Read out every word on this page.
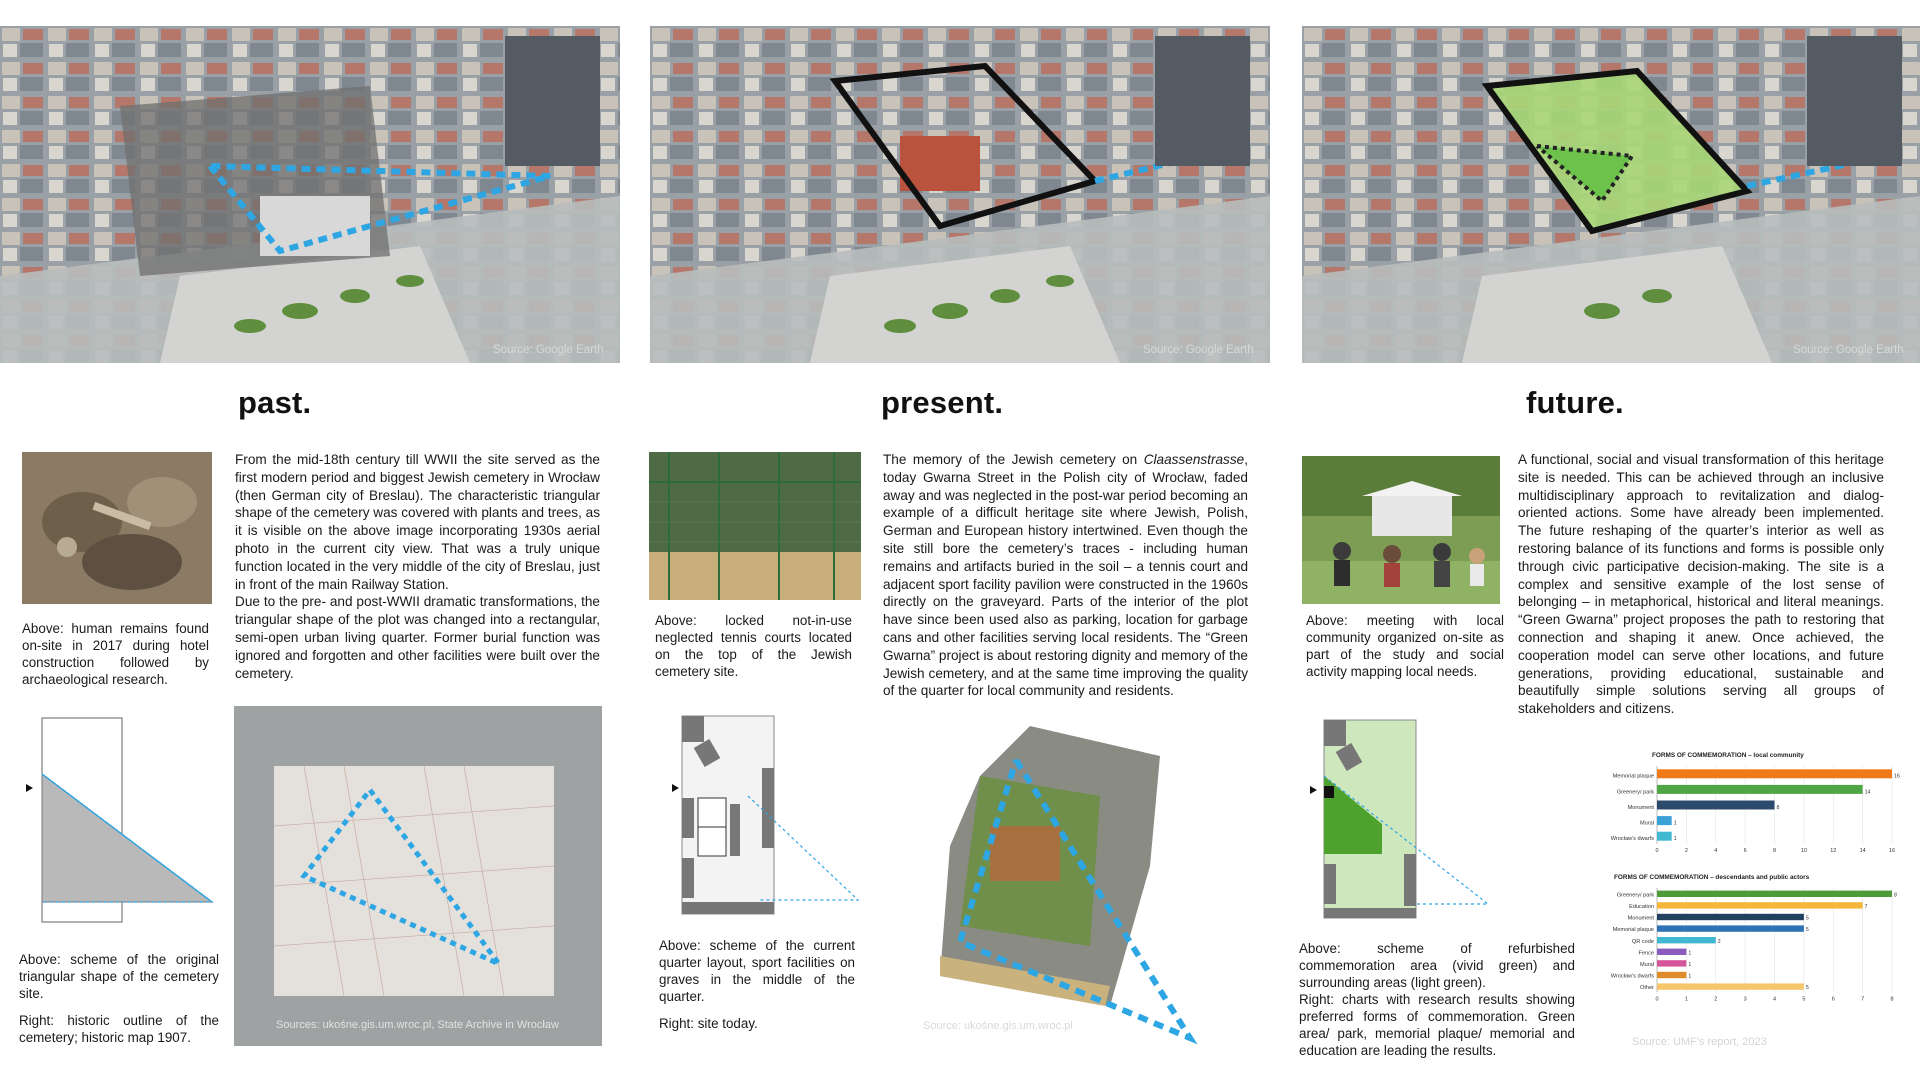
Source: Google Earth	Source: Google Earth	Source: Google Earth
past.	present.	future.
Above: human remains found on-site in 2017 during hotel construction followed by archaeological research.

From the mid-18th century till WWII the site served as the first modern period and biggest Jewish cemetery in Wrocław (then German city of Breslau). The characteristic triangular shape of the cemetery was covered with plants and trees, as it is visible on the above image incorporating 1930s aerial photo in the current city view. That was a truly unique function located in the very middle of the city of Breslau, just in front of the main Railway Station.

Due to the pre- and post-WWII dramatic transformations, the triangular shape of the plot was changed into a rectangular, semi-open urban living quarter. Former burial function was ignored and forgotten and other facilities were built over the cemetery.

Above: scheme of the original triangular shape of the cemetery site.

Right: historic outline of the cemetery; historic map 1907.

Sources: ukośne.gis.um.wroc.pl, State Archive in Wrocław
Above: locked not-in-use neglected tennis courts located on the top of the Jewish cemetery site.

The memory of the Jewish cemetery on Claassenstrasse, today Gwarna Street in the Polish city of Wrocław, faded away and was neglected in the post-war period becoming an example of a difficult heritage site where Jewish, Polish, German and European history intertwined. Even though the site still bore the cemetery’s traces - including human remains and artifacts buried in the soil – a tennis court and adjacent sport facility pavilion were constructed in the 1960s directly on the graveyard. Parts of the interior of the plot have since been used also as parking, location for garbage cans and other facilities serving local residents. The “Green Gwarna” project is about restoring dignity and memory of the Jewish cemetery, and at the same time improving the quality of the quarter for local community and residents.

Above: scheme of the current quarter layout, sport facilities on graves in the middle of the quarter.

Right: site today.	Source: ukośne.gis.um.wroc.pl
Above: meeting with local community organized on-site as part of the study and social activity mapping local needs.

A functional, social and visual transformation of this heritage site is needed. This can be achieved through an inclusive multidisciplinary approach to revitalization and dialog-oriented actions. Some have already been implemented. The future reshaping of the quarter’s interior as well as restoring balance of its functions and forms is possible only through civic participative decision-making. The site is a complex and sensitive example of the lost sense of belonging – in metaphorical, historical and literal meanings. “Green Gwarna” project proposes the path to restoring that connection and shaping it anew. Once achieved, the cooperation model can serve other locations, and future generations, providing educational, sustainable and beautifully simple solutions serving all groups of stakeholders and citizens.

Above: scheme of refurbished commemoration area (vivid green) and surrounding areas (light green).

Right: charts with research results showing preferred forms of commemoration. Green area/ park, memorial plaque/ memorial and education are leading the results.

FORMS OF COMMEMORATION – local community
0	2	4	6	8	10	12	14	16
Memorial plaque	16
Greenery/ park	14
Monument	8
Mural	1
Wrocław's dwarfs	1
FORMS OF COMMEMORATION – descendants and public actors
0	1	2	3	4	5	6	7	8
Greenery/ park	8
Education	7
Monument	5
Memorial plaque	5
QR code	2
Fence	1
Mural	1
Wrocław's dwarfs	1
Other	5
Source: UMF's report, 2023
